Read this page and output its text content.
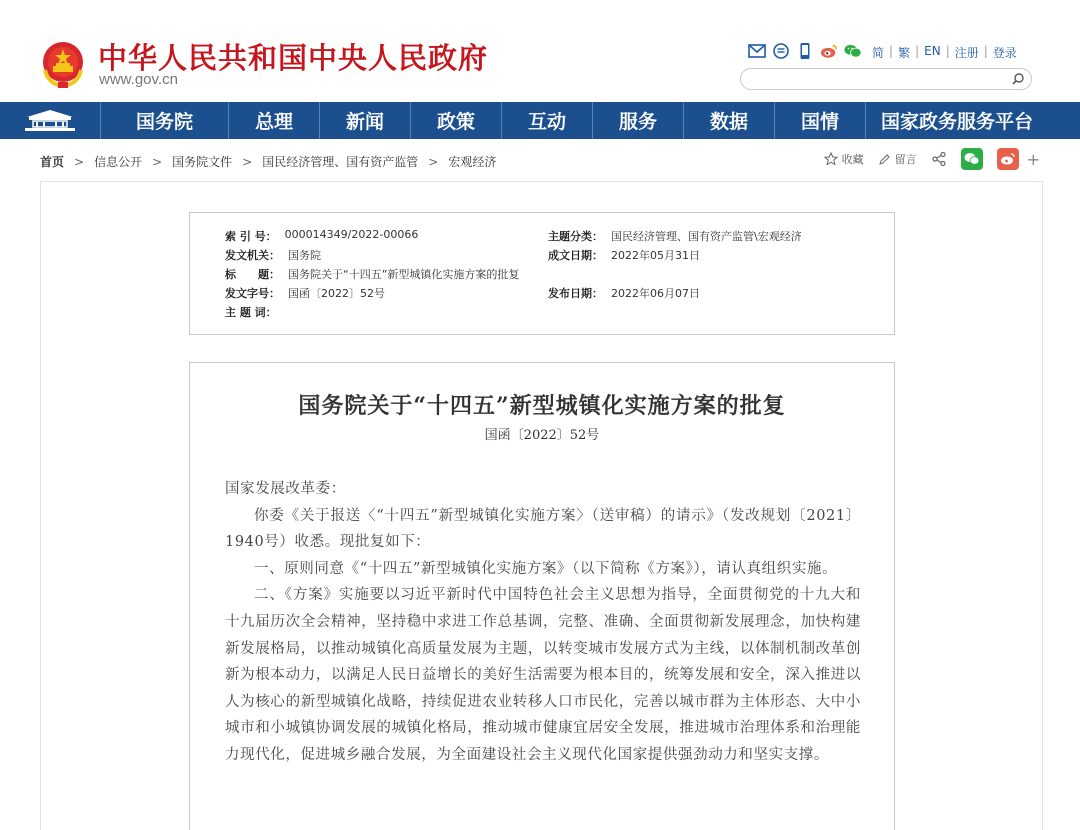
中华人民共和国中央人民政府
www.gov.cn
简 | 繁 | EN | 注册 | 登录
国务院	总理	新闻	政策	互动	服务	数据	国情	国家政务服务平台
首页 > 信息公开 > 国务院文件 > 国民经济管理、国有资产监管 > 宏观经济	收藏	留言	+
索 引 号： 000014349/2022-00066
发文机关： 国务院
标　　题： 国务院关于“十四五”新型城镇化实施方案的批复
发文字号： 国函〔2022〕52号
主 题 词：
主题分类： 国民经济管理、国有资产监管\宏观经济
成文日期： 2022年05月31日
发布日期： 2022年06月07日
国务院关于“十四五”新型城镇化实施方案的批复
国函〔2022〕52号

国家发展改革委：

你委《关于报送〈“十四五”新型城镇化实施方案〉（送审稿）的请示》（发改规划〔2021〕1940号）收悉。现批复如下：

一、原则同意《“十四五”新型城镇化实施方案》（以下简称《方案》），请认真组织实施。

二、《方案》实施要以习近平新时代中国特色社会主义思想为指导，全面贯彻党的十九大和十九届历次全会精神，坚持稳中求进工作总基调，完整、准确、全面贯彻新发展理念，加快构建新发展格局，以推动城镇化高质量发展为主题，以转变城市发展方式为主线，以体制机制改革创新为根本动力，以满足人民日益增长的美好生活需要为根本目的，统筹发展和安全，深入推进以人为核心的新型城镇化战略，持续促进农业转移人口市民化，完善以城市群为主体形态、大中小城市和小城镇协调发展的城镇化格局，推动城市健康宜居安全发展，推进城市治理体系和治理能力现代化，促进城乡融合发展，为全面建设社会主义现代化国家提供强劲动力和坚实支撑。
